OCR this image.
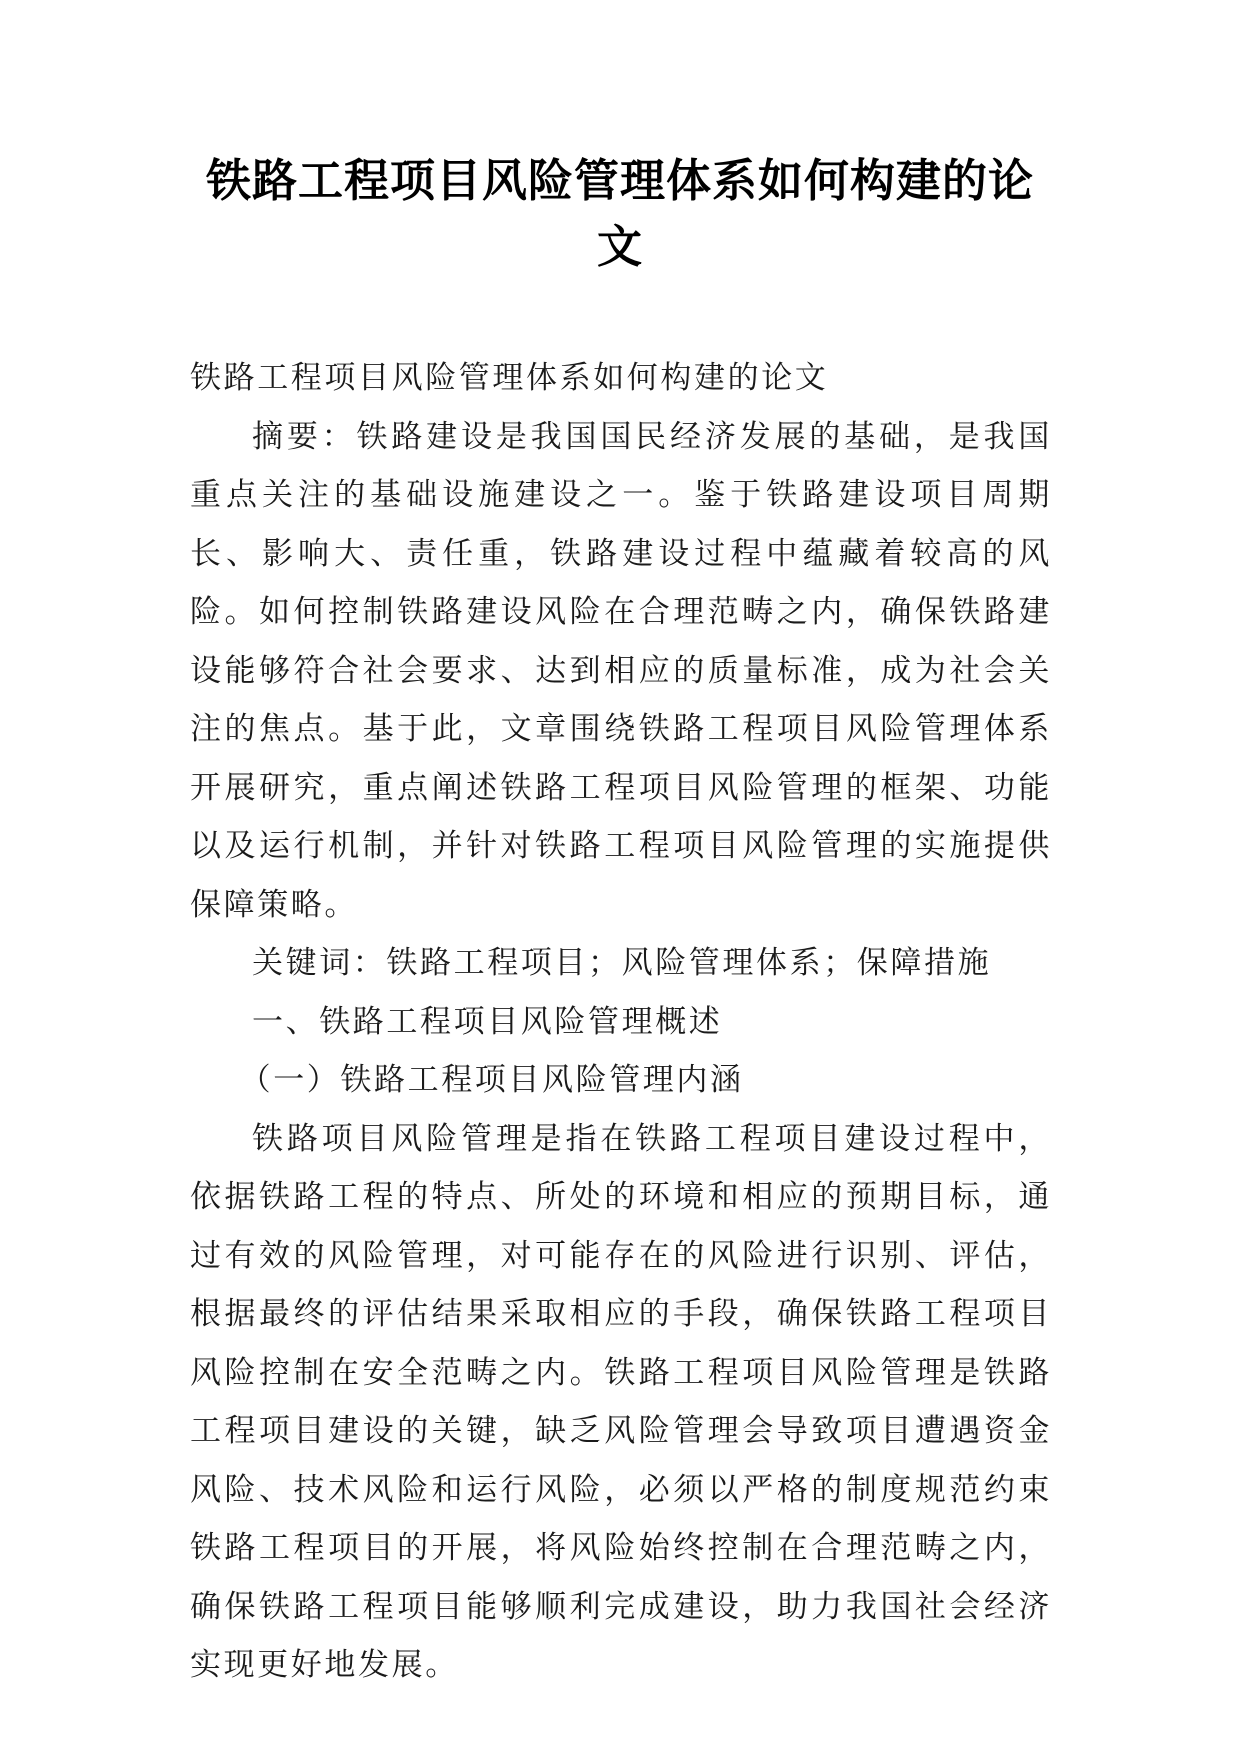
铁路工程项目风险管理体系如何构建的论
文

铁路工程项目风险管理体系如何构建的论文

摘要：铁路建设是我国国民经济发展的基础，是我国重点关注的基础设施建设之一。鉴于铁路建设项目周期长、影响大、责任重，铁路建设过程中蕴藏着较高的风险。如何控制铁路建设风险在合理范畴之内，确保铁路建设能够符合社会要求、达到相应的质量标准，成为社会关注的焦点。基于此，文章围绕铁路工程项目风险管理体系开展研究，重点阐述铁路工程项目风险管理的框架、功能以及运行机制，并针对铁路工程项目风险管理的实施提供保障策略。

关键词：铁路工程项目；风险管理体系；保障措施

一、铁路工程项目风险管理概述

（一）铁路工程项目风险管理内涵

铁路项目风险管理是指在铁路工程项目建设过程中，依据铁路工程的特点、所处的环境和相应的预期目标，通过有效的风险管理，对可能存在的风险进行识别、评估，根据最终的评估结果采取相应的手段，确保铁路工程项目风险控制在安全范畴之内。铁路工程项目风险管理是铁路工程项目建设的关键，缺乏风险管理会导致项目遭遇资金风险、技术风险和运行风险，必须以严格的制度规范约束铁路工程项目的开展，将风险始终控制在合理范畴之内，确保铁路工程项目能够顺利完成建设，助力我国社会经济实现更好地发展。
